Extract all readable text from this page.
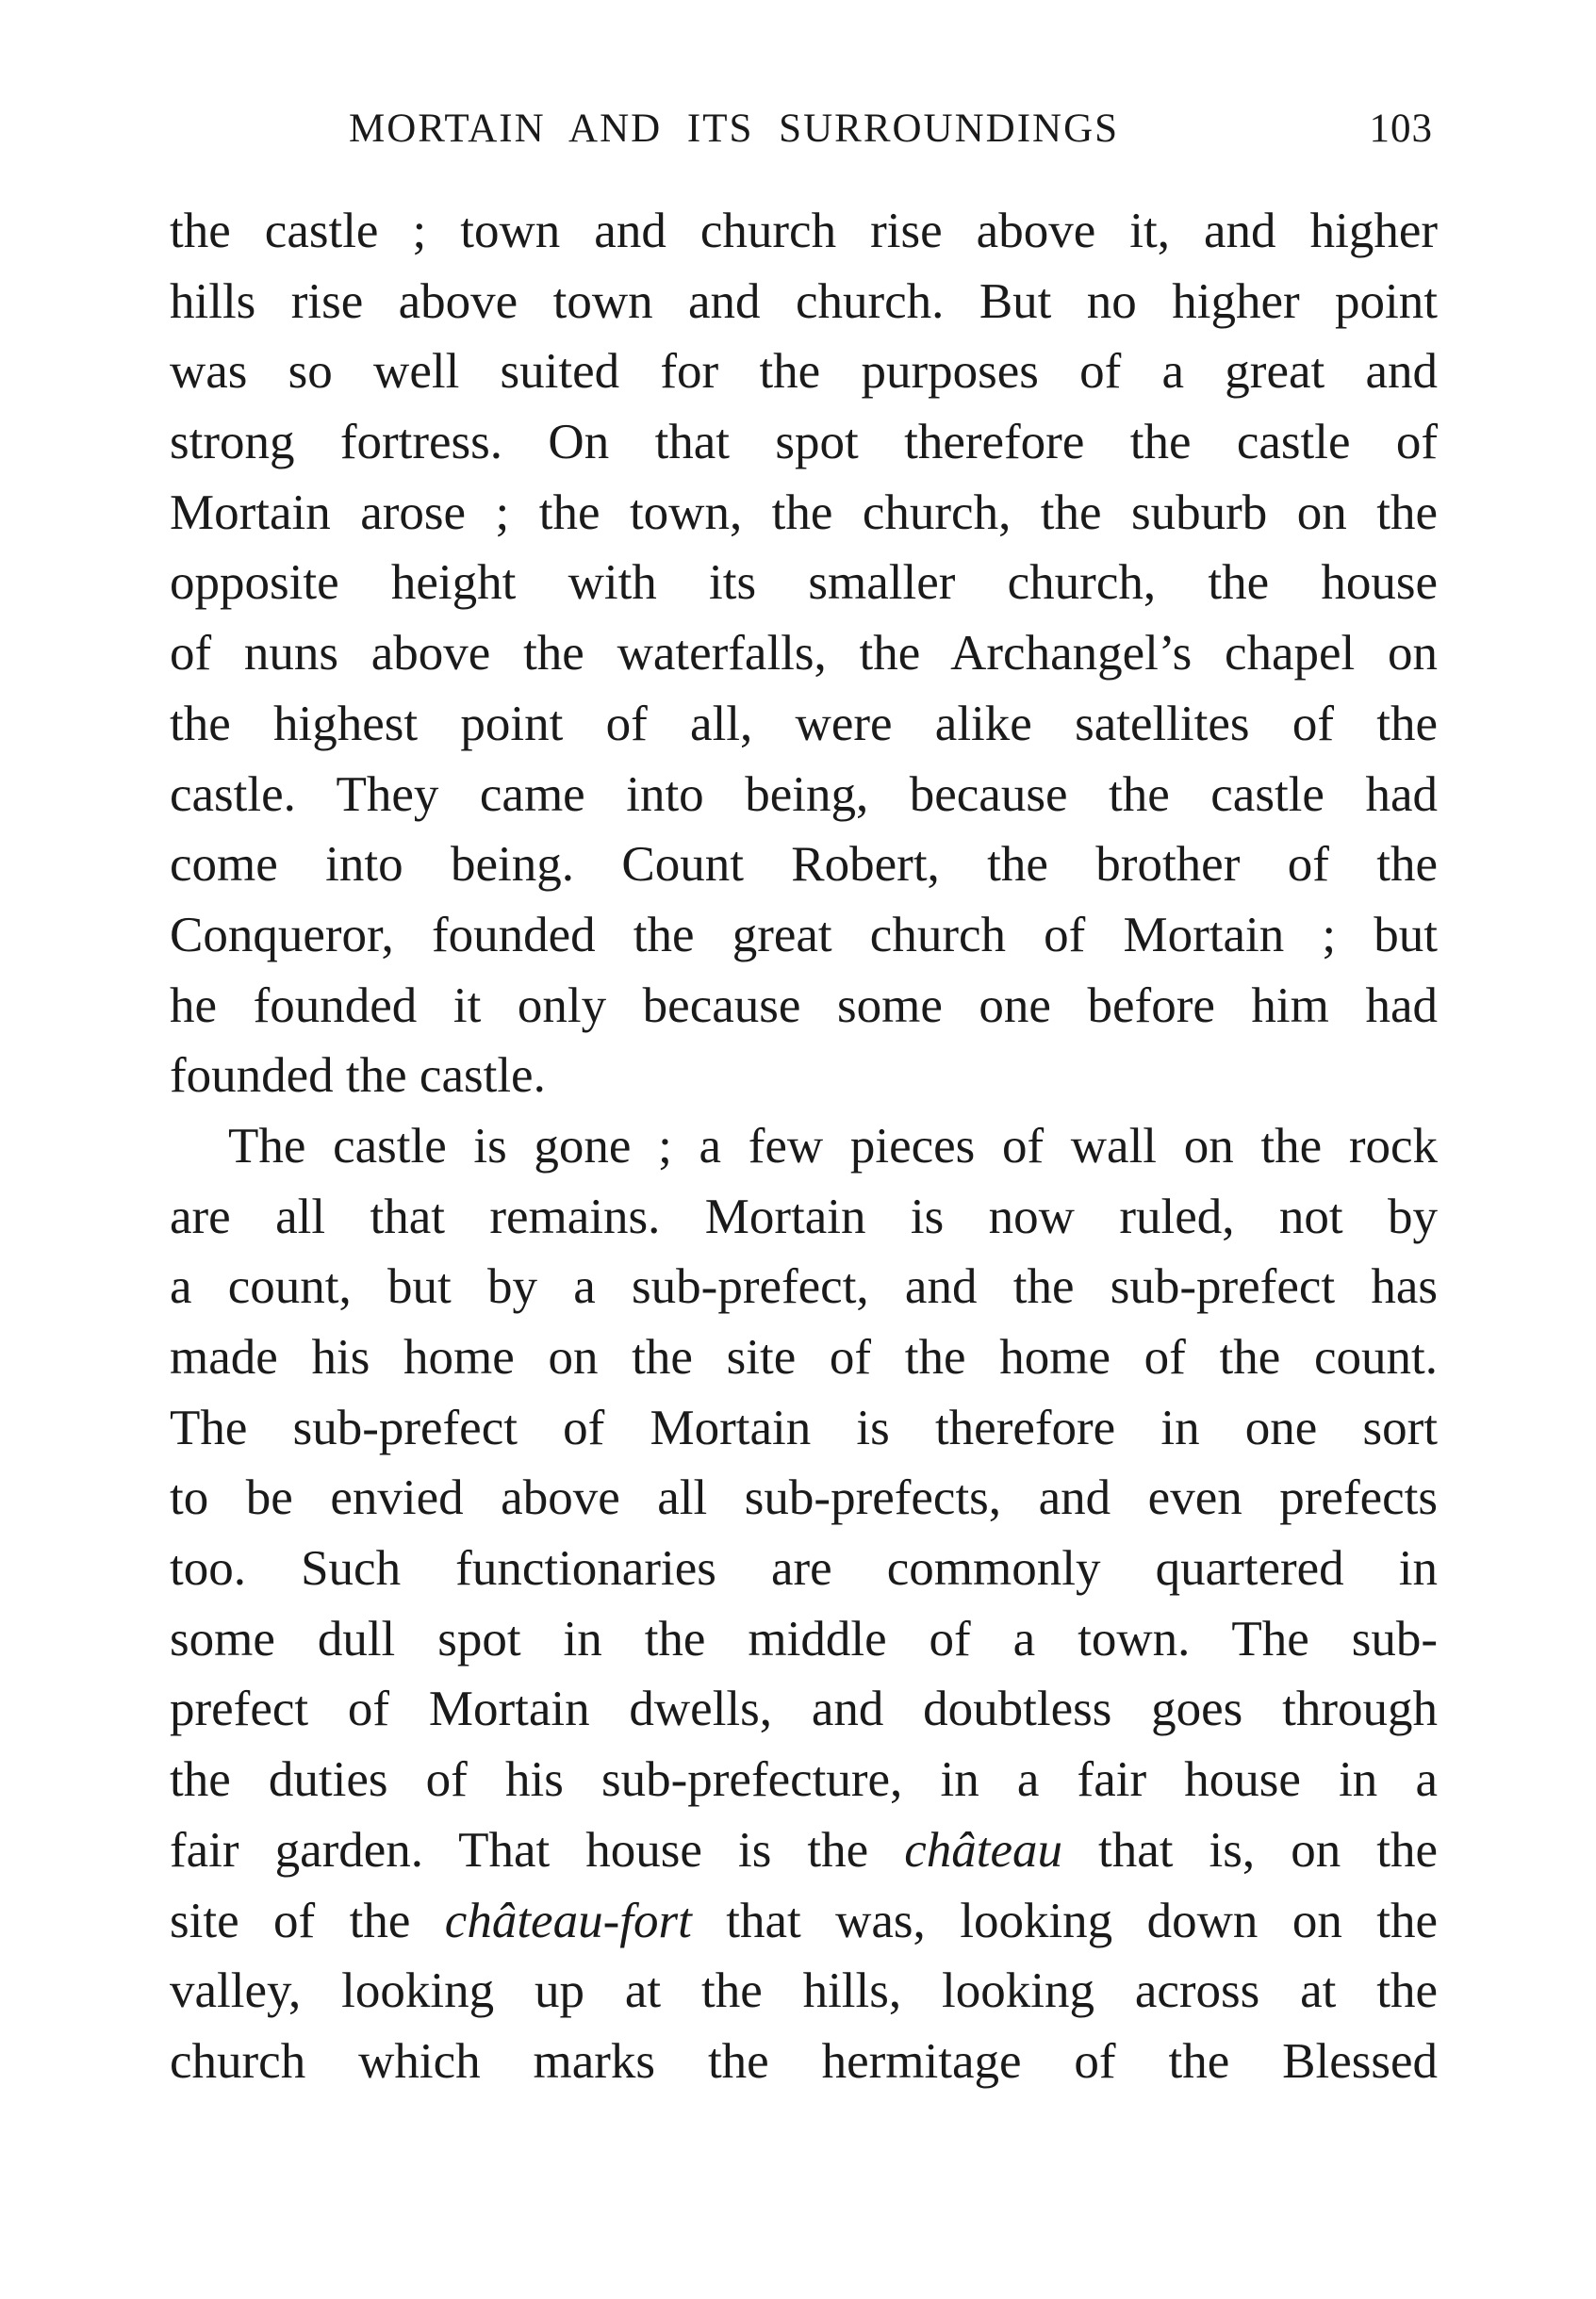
MORTAIN AND ITS SURROUNDINGS	103
the castle ; town and church rise above it, and higher
hills rise above town and church. But no higher point
was so well suited for the purposes of a great and
strong fortress. On that spot therefore the castle of
Mortain arose ; the town, the church, the suburb on the
opposite height with its smaller church, the house
of nuns above the waterfalls, the Archangel’s chapel on
the highest point of all, were alike satellites of the
castle. They came into being, because the castle had
come into being. Count Robert, the brother of the
Conqueror, founded the great church of Mortain ; but
he founded it only because some one before him had
founded the castle.
The castle is gone ; a few pieces of wall on the rock
are all that remains. Mortain is now ruled, not by
a count, but by a sub-prefect, and the sub-prefect has
made his home on the site of the home of the count.
The sub-prefect of Mortain is therefore in one sort
to be envied above all sub-prefects, and even prefects
too. Such functionaries are commonly quartered in
some dull spot in the middle of a town. The sub-
prefect of Mortain dwells, and doubtless goes through
the duties of his sub-prefecture, in a fair house in a
fair garden. That house is the château that is, on the
site of the château-fort that was, looking down on the
valley, looking up at the hills, looking across at the
church which marks the hermitage of the Blessed
